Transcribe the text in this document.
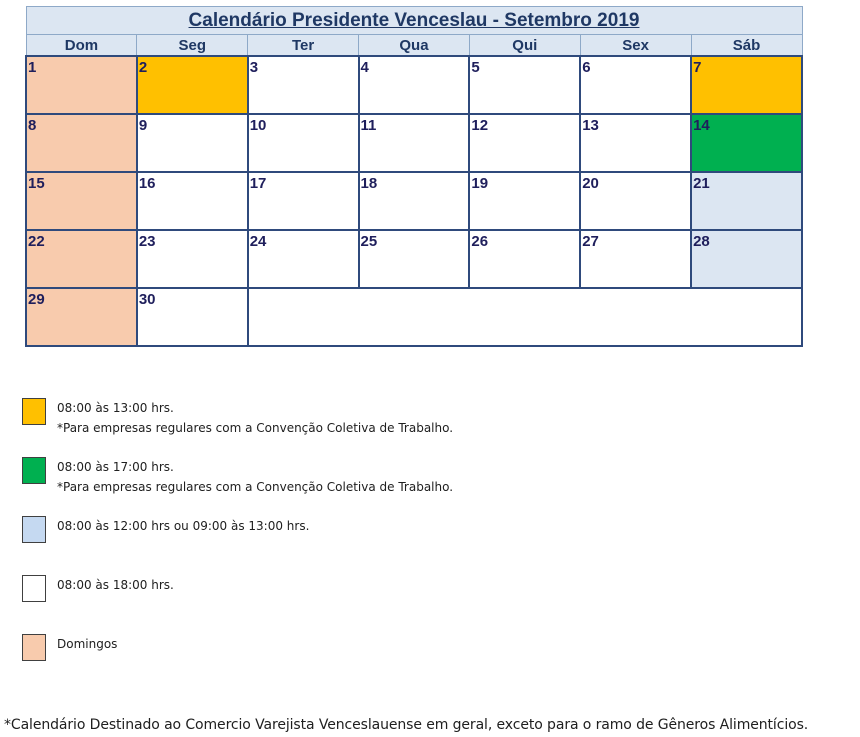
Calendário Presidente Venceslau - Setembro 2019						
Dom	Seg	Ter	Qua	Qui	Sex	Sáb

1	2	3	4	5	6	7

8	9	10	11	12	13	14

15	16	17	18	19	20	21

22	23	24	25	26	27	28

29	30					

08:00 às 13:00 hrs.
*Para empresas regulares com a Convenção Coletiva de Trabalho.
08:00 às 17:00 hrs.
*Para empresas regulares com a Convenção Coletiva de Trabalho.
08:00 às 12:00 hrs ou 09:00 às 13:00 hrs.
08:00 às 18:00 hrs.
Domingos
*Calendário Destinado ao Comercio Varejista Venceslauense em geral, exceto para o ramo de Gêneros Alimentícios.
